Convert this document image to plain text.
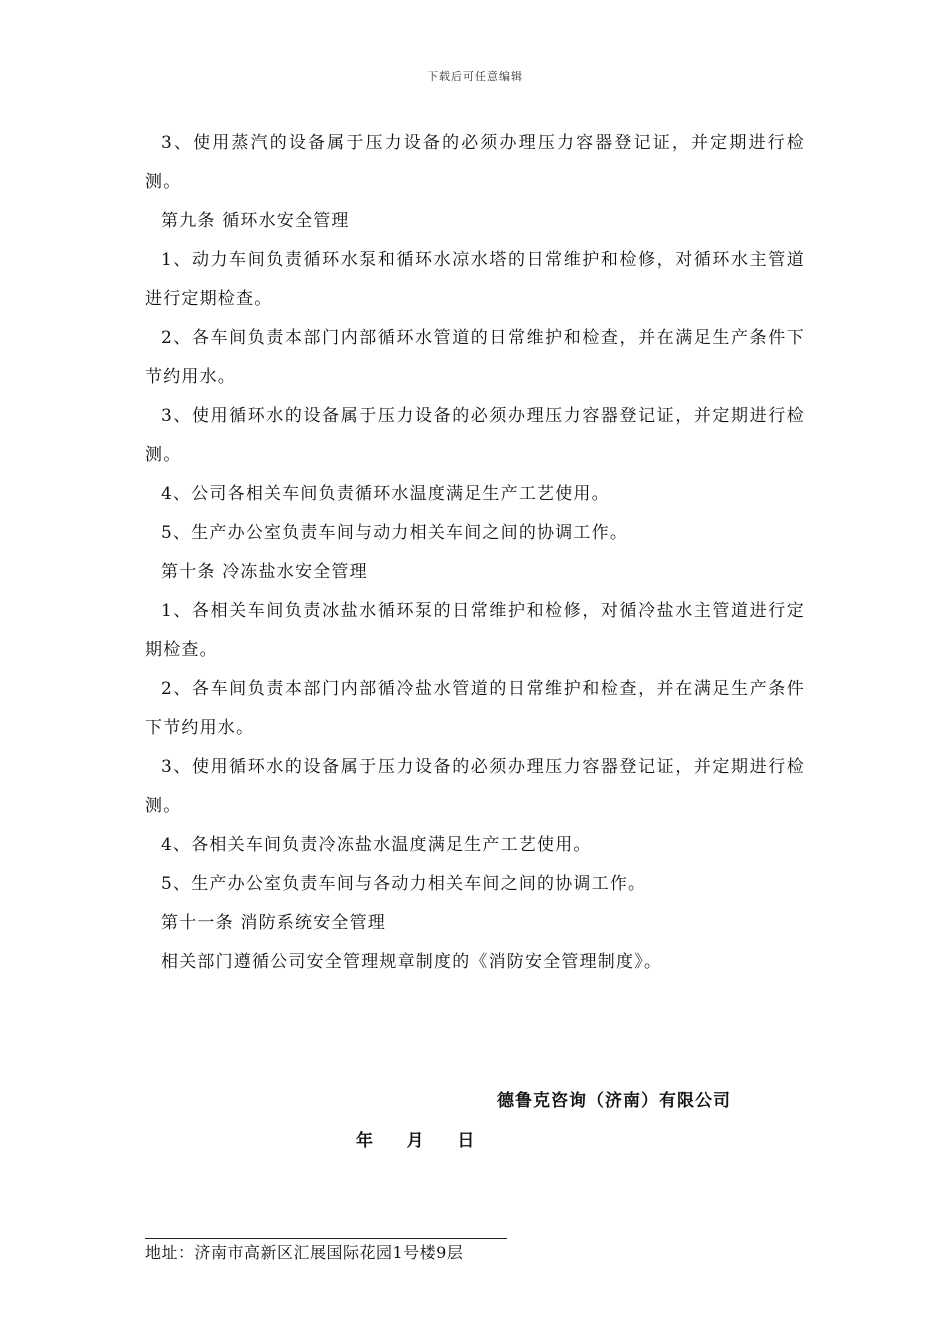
下载后可任意编辑

3、使用蒸汽的设备属于压力设备的必须办理压力容器登记证，并定期进行检测。

第九条 循环水安全管理

1、动力车间负责循环水泵和循环水凉水塔的日常维护和检修，对循环水主管道进行定期检查。

2、各车间负责本部门内部循环水管道的日常维护和检查，并在满足生产条件下节约用水。

3、使用循环水的设备属于压力设备的必须办理压力容器登记证，并定期进行检测。

4、公司各相关车间负责循环水温度满足生产工艺使用。

5、生产办公室负责车间与动力相关车间之间的协调工作。

第十条 冷冻盐水安全管理

1、各相关车间负责冰盐水循环泵的日常维护和检修，对循冷盐水主管道进行定期检查。

2、各车间负责本部门内部循冷盐水管道的日常维护和检查，并在满足生产条件下节约用水。

3、使用循环水的设备属于压力设备的必须办理压力容器登记证，并定期进行检测。

4、各相关车间负责冷冻盐水温度满足生产工艺使用。

5、生产办公室负责车间与各动力相关车间之间的协调工作。

第十一条 消防系统安全管理

相关部门遵循公司安全管理规章制度的《消防安全管理制度》。

德鲁克咨询（济南）有限公司
年    月    日
地址：济南市高新区汇展国际花园1号楼9层
